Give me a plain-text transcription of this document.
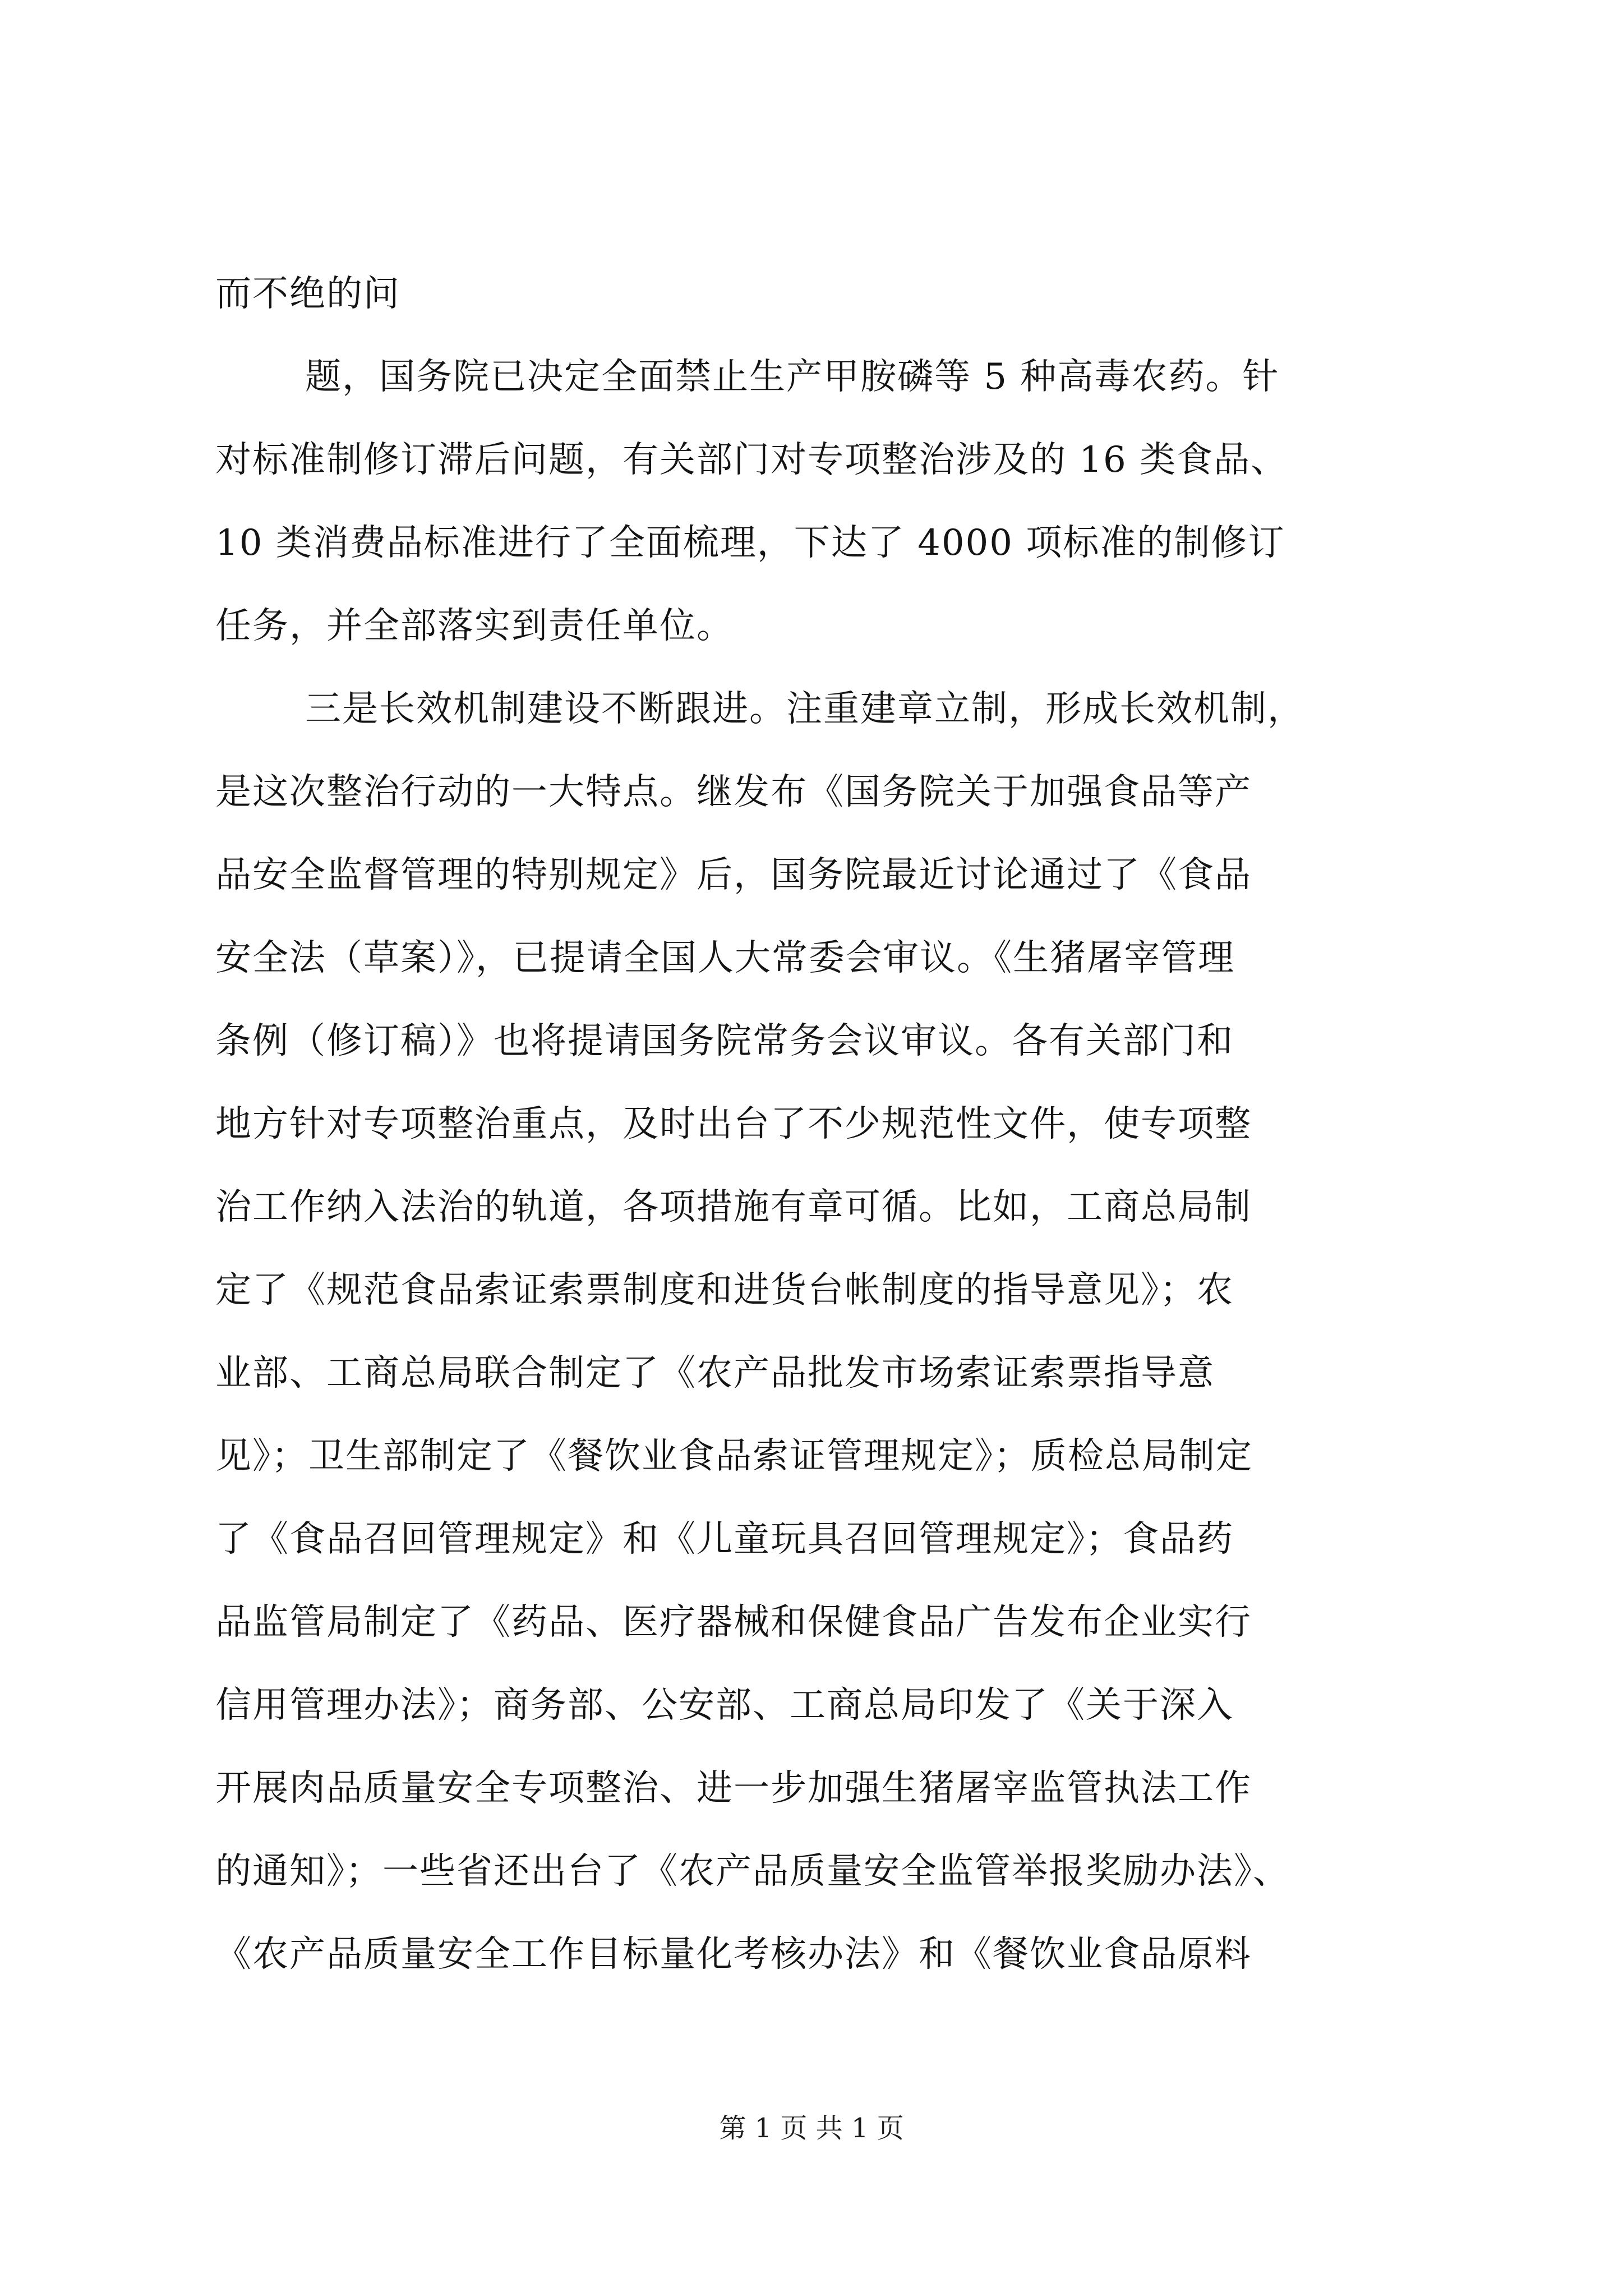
而不绝的问
题，国务院已决定全面禁止生产甲胺磷等 5 种高毒农药。针
对标准制修订滞后问题，有关部门对专项整治涉及的 16 类食品、
10 类消费品标准进行了全面梳理，下达了 4000 项标准的制修订
任务，并全部落实到责任单位。
三是长效机制建设不断跟进。注重建章立制，形成长效机制，
是这次整治行动的一大特点。继发布《国务院关于加强食品等产
品安全监督管理的特别规定》后，国务院最近讨论通过了《食品
安全法（草案）》，已提请全国人大常委会审议。《生猪屠宰管理
条例（修订稿）》也将提请国务院常务会议审议。各有关部门和
地方针对专项整治重点，及时出台了不少规范性文件，使专项整
治工作纳入法治的轨道，各项措施有章可循。比如，工商总局制
定了《规范食品索证索票制度和进货台帐制度的指导意见》；农
业部、工商总局联合制定了《农产品批发市场索证索票指导意
见》；卫生部制定了《餐饮业食品索证管理规定》；质检总局制定
了《食品召回管理规定》和《儿童玩具召回管理规定》；食品药
品监管局制定了《药品、医疗器械和保健食品广告发布企业实行
信用管理办法》；商务部、公安部、工商总局印发了《关于深入
开展肉品质量安全专项整治、进一步加强生猪屠宰监管执法工作
的通知》；一些省还出台了《农产品质量安全监管举报奖励办法》、
《农产品质量安全工作目标量化考核办法》和《餐饮业食品原料
第 1 页 共 1 页
